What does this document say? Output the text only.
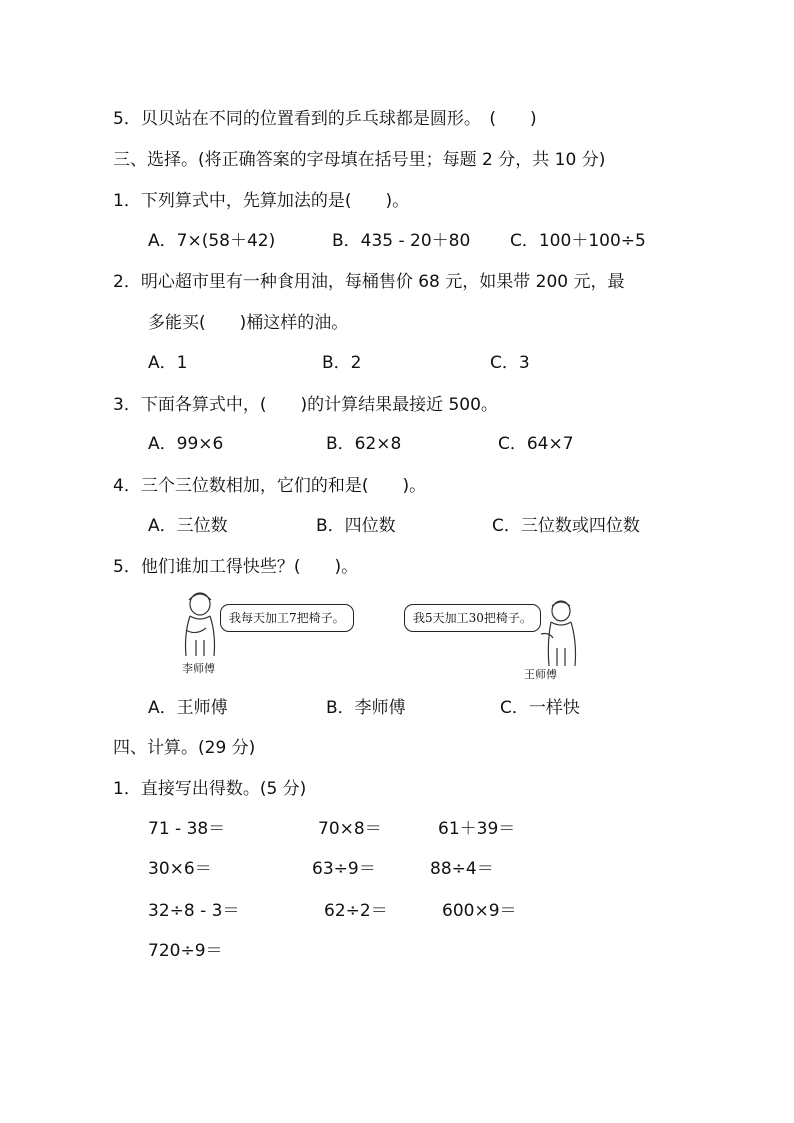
5．贝贝站在不同的位置看到的乒乓球都是圆形。　(　　)
三、选择。(将正确答案的字母填在括号里；每题 2 分，共 10 分)
1．下列算式中，先算加法的是(　　)。
A．7×(58＋42)	B．435 - 20＋80 C．100＋100÷5
2．明心超市里有一种食用油，每桶售价 68 元，如果带 200 元，最
多能买(　　)桶这样的油。
A．1	B．2	C．3
3．下面各算式中，(　　)的计算结果最接近 500。
A．99×6	B．62×8	C．64×7
4．三个三位数相加，它们的和是(　　)。
A．三位数	B．四位数	C．三位数或四位数
5．他们谁加工得快些？(　　)。
我每天加工7把椅子。
李师傅
我5天加工30把椅子。
王师傅
A．王师傅	B．李师傅	C．一样快
四、计算。(29 分)
1．直接写出得数。(5 分)
71 - 38＝	70×8＝	61＋39＝
30×6＝	63÷9＝	88÷4＝
32÷8 - 3＝	62÷2＝	600×9＝
720÷9＝
